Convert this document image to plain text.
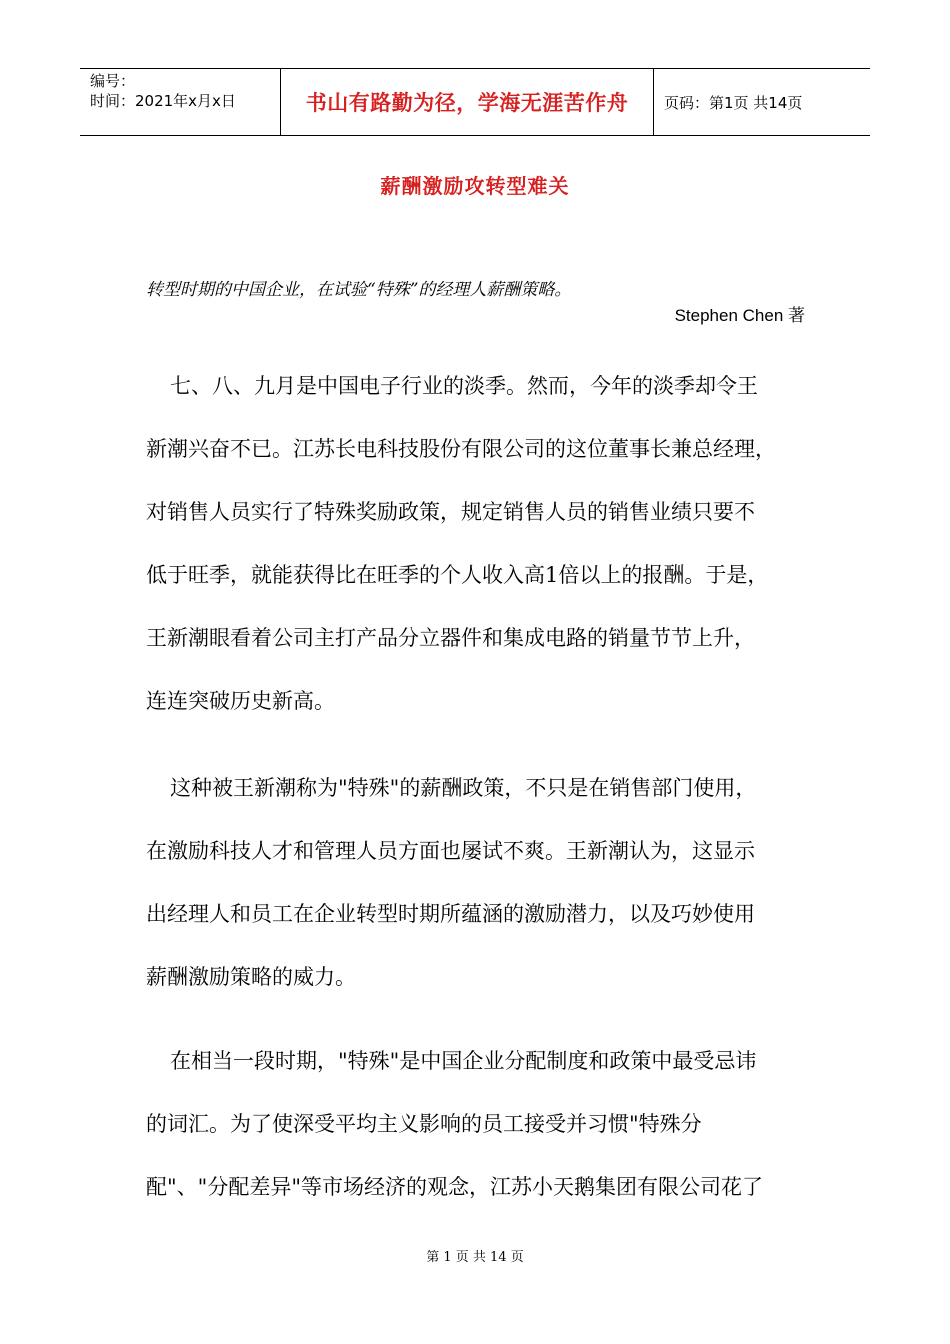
编号：
时间：2021年x月x日	书山有路勤为径，学海无涯苦作舟	页码：第1页 共14页
薪酬激励攻转型难关
转型时期的中国企业，在试验“特殊”的经理人薪酬策略。
Stephen Chen 著
七、八、九月是中国电子行业的淡季。然而，今年的淡季却令王
新潮兴奋不已。江苏长电科技股份有限公司的这位董事长兼总经理，
对销售人员实行了特殊奖励政策，规定销售人员的销售业绩只要不
低于旺季，就能获得比在旺季的个人收入高1倍以上的报酬。于是，
王新潮眼看着公司主打产品分立器件和集成电路的销量节节上升，
连连突破历史新高。
这种被王新潮称为"特殊"的薪酬政策，不只是在销售部门使用，
在激励科技人才和管理人员方面也屡试不爽。王新潮认为，这显示
出经理人和员工在企业转型时期所蕴涵的激励潜力，以及巧妙使用
薪酬激励策略的威力。
在相当一段时期，"特殊"是中国企业分配制度和政策中最受忌讳
的词汇。为了使深受平均主义影响的员工接受并习惯"特殊分
配"、"分配差异"等市场经济的观念，江苏小天鹅集团有限公司花了
第 1 页 共 14 页
